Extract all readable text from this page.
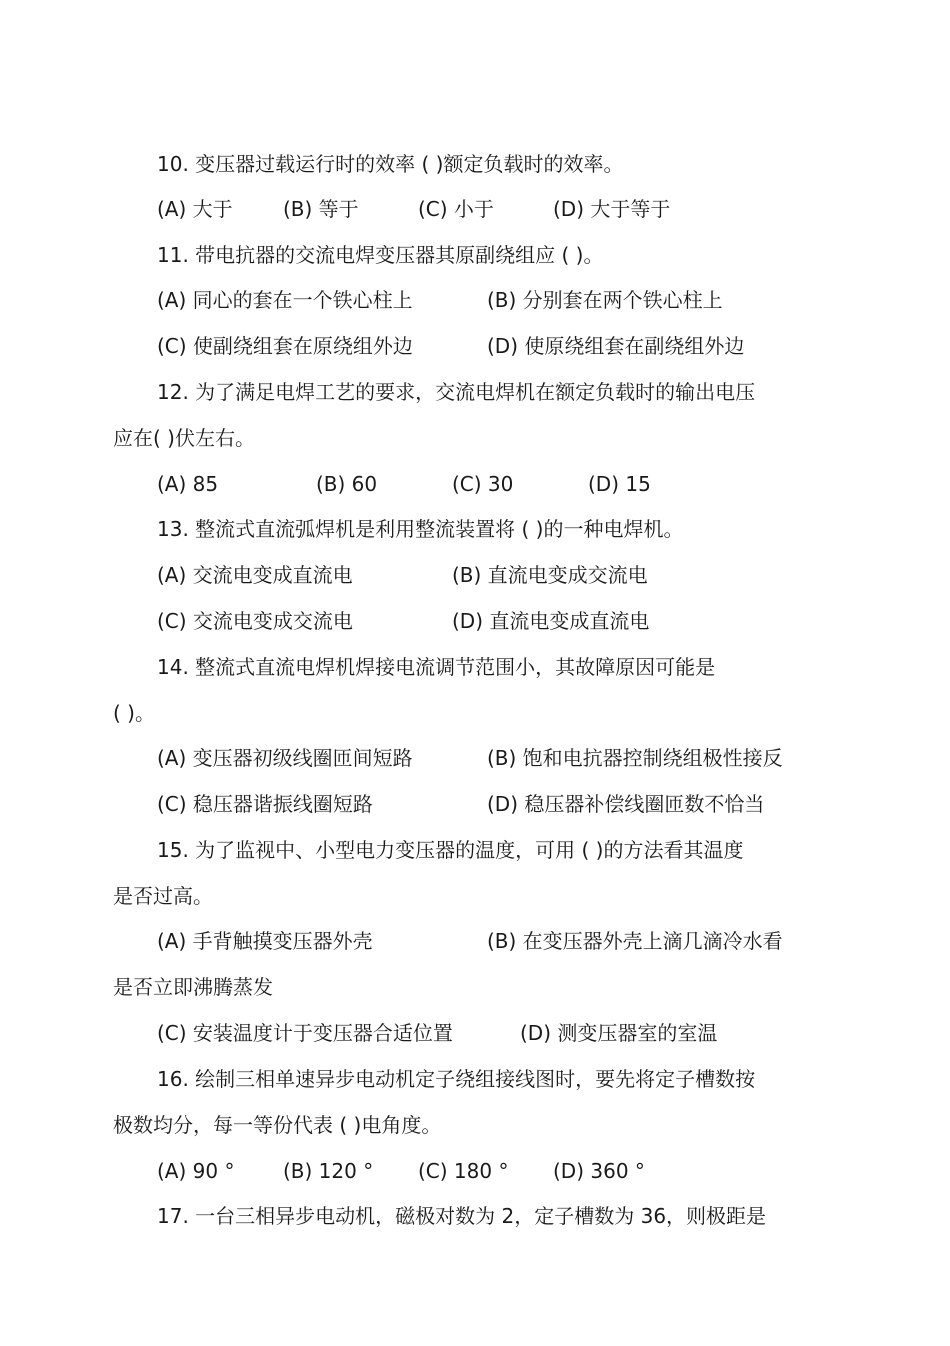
10. 变压器过载运行时的效率 ( )额定负载时的效率。
(A) 大于	(B) 等于	(C) 小于	(D) 大于等于
11. 带电抗器的交流电焊变压器其原副绕组应 ( )。
(A) 同心的套在一个铁心柱上	(B) 分别套在两个铁心柱上
(C) 使副绕组套在原绕组外边	(D) 使原绕组套在副绕组外边
12. 为了满足电焊工艺的要求，交流电焊机在额定负载时的输出电压
应在( )伏左右。
(A) 85	(B) 60	(C) 30	(D) 15
13. 整流式直流弧焊机是利用整流装置将 ( )的一种电焊机。
(A) 交流电变成直流电	(B) 直流电变成交流电
(C) 交流电变成交流电	(D) 直流电变成直流电
14. 整流式直流电焊机焊接电流调节范围小，其故障原因可能是
( )。
(A) 变压器初级线圈匝间短路	(B) 饱和电抗器控制绕组极性接反
(C) 稳压器谐振线圈短路	(D) 稳压器补偿线圈匝数不恰当
15. 为了监视中、小型电力变压器的温度，可用 ( )的方法看其温度
是否过高。
(A) 手背触摸变压器外壳	(B) 在变压器外壳上滴几滴冷水看
是否立即沸腾蒸发
(C) 安装温度计于变压器合适位置	(D) 测变压器室的室温
16. 绘制三相单速异步电动机定子绕组接线图时，要先将定子槽数按
极数均分，每一等份代表 ( )电角度。
(A) 90 ° (B) 120 ° (C) 180 ° (D) 360 °
17. 一台三相异步电动机，磁极对数为 2，定子槽数为 36，则极距是
